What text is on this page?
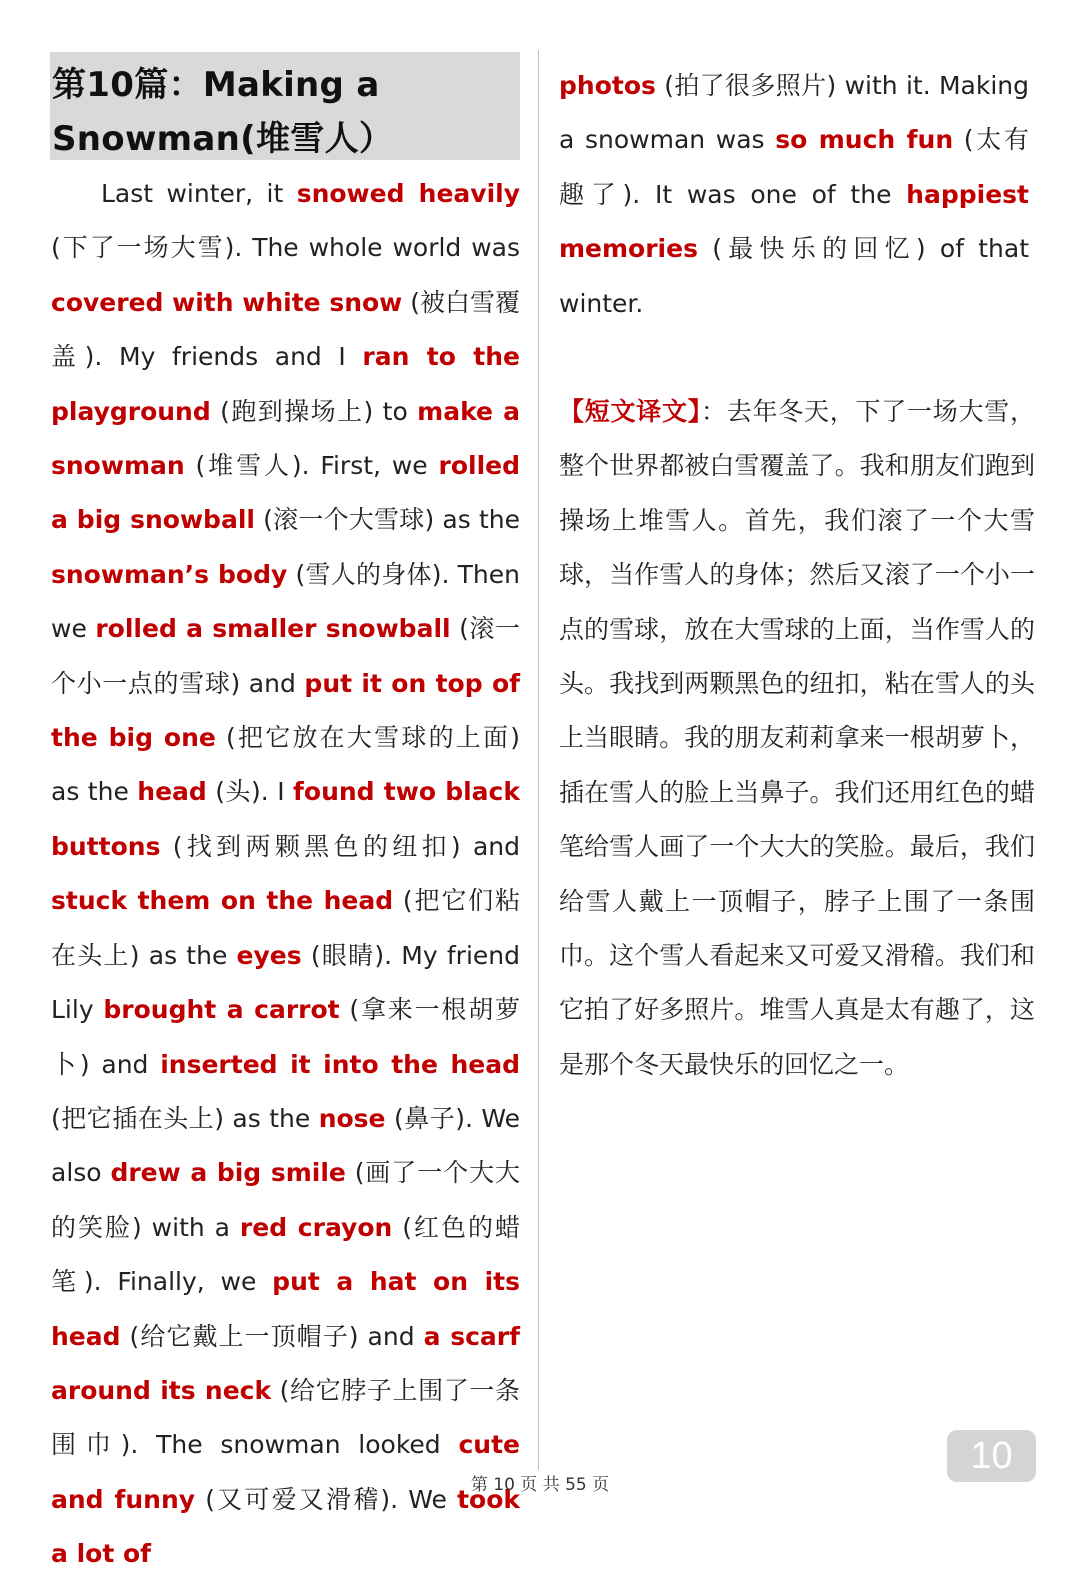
第10篇：Making a Snowman(堆雪人）
Last winter, it snowed heavily (下了一场大雪). The whole world was covered with white snow (被白雪覆盖). My friends and I ran to the playground (跑到操场上) to make a snowman (堆雪人). First, we rolled a big snowball (滚一个大雪球) as the snowman’s body (雪人的身体). Then we rolled a smaller snowball (滚一个小一点的雪球) and put it on top of the big one (把它放在大雪球的上面) as the head (头). I found two black buttons (找到两颗黑色的纽扣) and stuck them on the head (把它们粘在头上) as the eyes (眼睛). My friend Lily brought a carrot (拿来一根胡萝卜) and inserted it into the head (把它插在头上) as the nose (鼻子). We also drew a big smile (画了一个大大的笑脸) with a red crayon (红色的蜡笔). Finally, we put a hat on its head (给它戴上一顶帽子) and a scarf around its neck (给它脖子上围了一条围巾). The snowman looked cute and funny (又可爱又滑稽). We took a lot of
photos (拍了很多照片) with it. Making a snowman was so much fun (太有趣了). It was one of the happiest memories (最快乐的回忆) of that winter.
【短文译文】：去年冬天，下了一场大雪，整个世界都被白雪覆盖了。我和朋友们跑到操场上堆雪人。首先，我们滚了一个大雪球，当作雪人的身体；然后又滚了一个小一点的雪球，放在大雪球的上面，当作雪人的头。我找到两颗黑色的纽扣，粘在雪人的头上当眼睛。我的朋友莉莉拿来一根胡萝卜，插在雪人的脸上当鼻子。我们还用红色的蜡笔给雪人画了一个大大的笑脸。最后，我们给雪人戴上一顶帽子，脖子上围了一条围巾。这个雪人看起来又可爱又滑稽。我们和它拍了好多照片。堆雪人真是太有趣了，这是那个冬天最快乐的回忆之一。
第 10 页 共 55 页
10
